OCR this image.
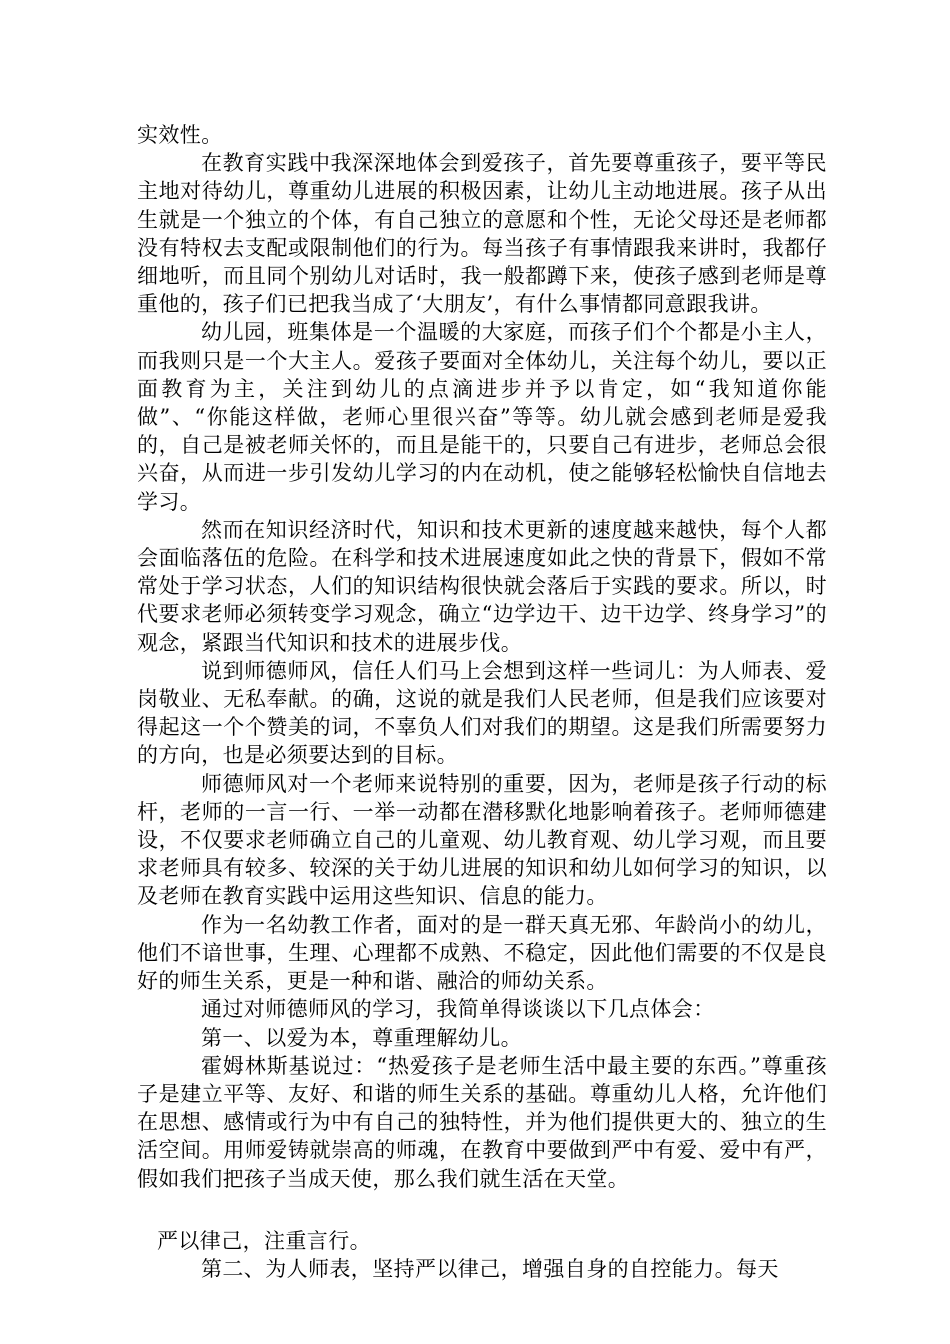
实效性。

在教育实践中我深深地体会到爱孩子，首先要尊重孩子，要平等民主地对待幼儿，尊重幼儿进展的积极因素，让幼儿主动地进展。孩子从出生就是一个独立的个体，有自己独立的意愿和个性，无论父母还是老师都没有特权去支配或限制他们的行为。每当孩子有事情跟我来讲时，我都仔细地听，而且同个别幼儿对话时，我一般都蹲下来，使孩子感到老师是尊重他的，孩子们已把我当成了‘大朋友’，有什么事情都同意跟我讲。

幼儿园，班集体是一个温暖的大家庭，而孩子们个个都是小主人，而我则只是一个大主人。爱孩子要面对全体幼儿，关注每个幼儿，要以正面教育为主，关注到幼儿的点滴进步并予以肯定，如“我知道你能做”、“你能这样做，老师心里很兴奋”等等。幼儿就会感到老师是爱我的，自己是被老师关怀的，而且是能干的，只要自己有进步，老师总会很兴奋，从而进一步引发幼儿学习的内在动机，使之能够轻松愉快自信地去学习。

然而在知识经济时代，知识和技术更新的速度越来越快，每个人都会面临落伍的危险。在科学和技术进展速度如此之快的背景下，假如不常常处于学习状态，人们的知识结构很快就会落后于实践的要求。所以，时代要求老师必须转变学习观念，确立“边学边干、边干边学、终身学习”的观念，紧跟当代知识和技术的进展步伐。

说到师德师风，信任人们马上会想到这样一些词儿：为人师表、爱岗敬业、无私奉献。的确，这说的就是我们人民老师，但是我们应该要对得起这一个个赞美的词，不辜负人们对我们的期望。这是我们所需要努力的方向，也是必须要达到的目标。

师德师风对一个老师来说特别的重要，因为，老师是孩子行动的标杆，老师的一言一行、一举一动都在潜移默化地影响着孩子。老师师德建设，不仅要求老师确立自己的儿童观、幼儿教育观、幼儿学习观，而且要求老师具有较多、较深的关于幼儿进展的知识和幼儿如何学习的知识，以及老师在教育实践中运用这些知识、信息的能力。

作为一名幼教工作者，面对的是一群天真无邪、年龄尚小的幼儿，他们不谙世事，生理、心理都不成熟、不稳定，因此他们需要的不仅是良好的师生关系，更是一种和谐、融洽的师幼关系。

通过对师德师风的学习，我简单得谈谈以下几点体会：

第一、以爱为本，尊重理解幼儿。

霍姆林斯基说过：“热爱孩子是老师生活中最主要的东西。”尊重孩子是建立平等、友好、和谐的师生关系的基础。尊重幼儿人格，允许他们在思想、感情或行为中有自己的独特性，并为他们提供更大的、独立的生活空间。用师爱铸就崇高的师魂，在教育中要做到严中有爱、爱中有严，假如我们把孩子当成天使，那么我们就生活在天堂。

严以律己，注重言行。

第二、为人师表，坚持严以律己，增强自身的自控能力。每天
